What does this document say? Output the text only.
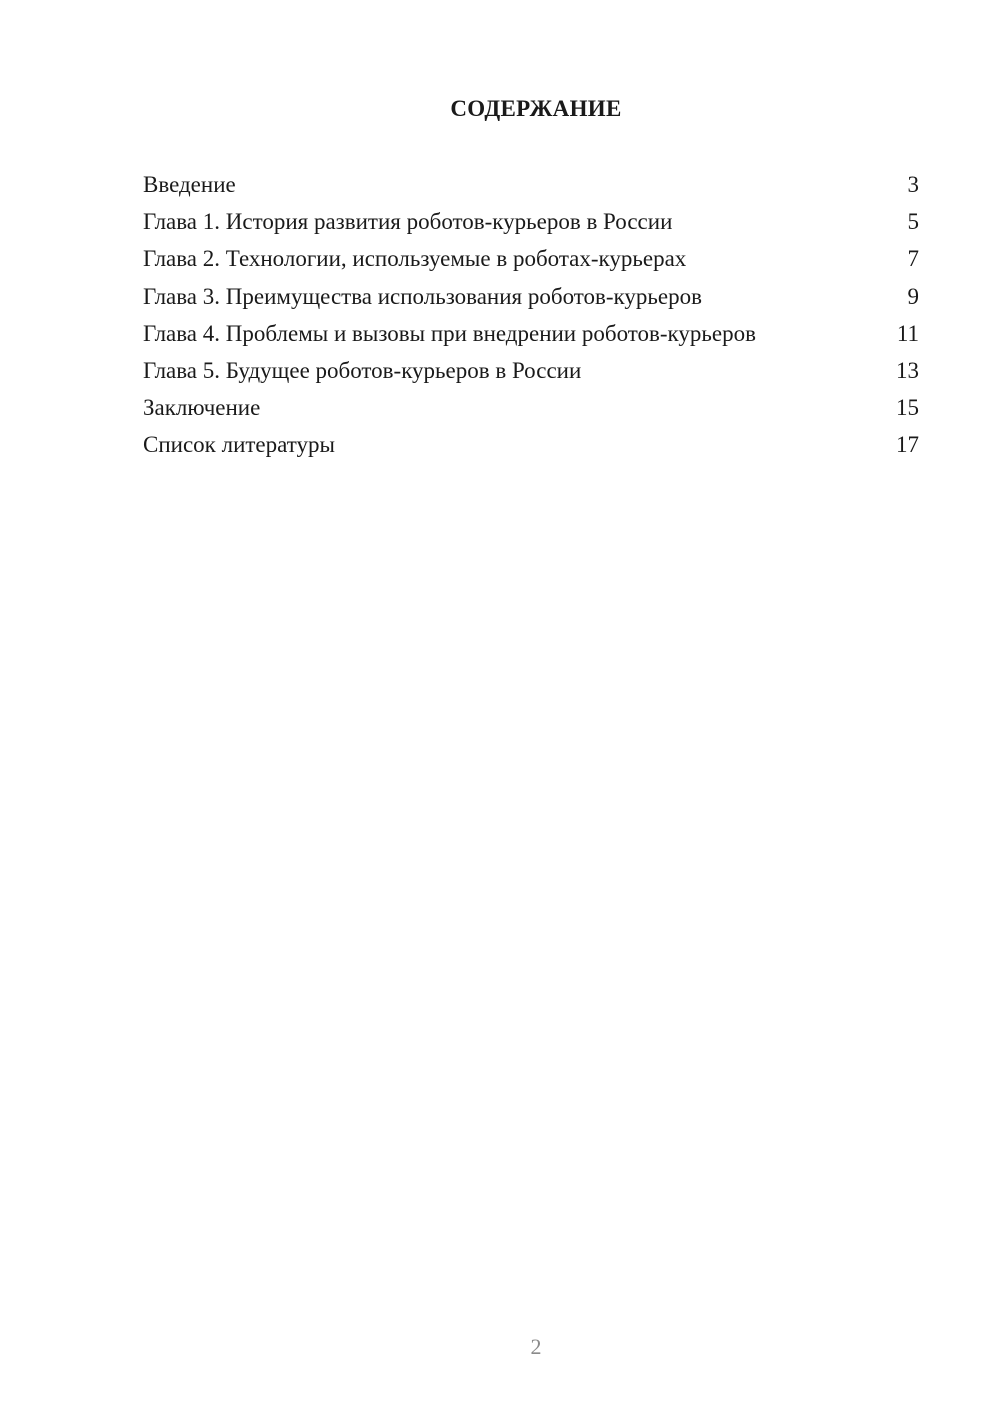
СОДЕРЖАНИЕ
Введение	3
Глава 1. История развития роботов-курьеров в России	5
Глава 2. Технологии, используемые в роботах-курьерах	7
Глава 3. Преимущества использования роботов-курьеров	9
Глава 4. Проблемы и вызовы при внедрении роботов-курьеров	11
Глава 5. Будущее роботов-курьеров в России	13
Заключение	15
Список литературы	17
2
